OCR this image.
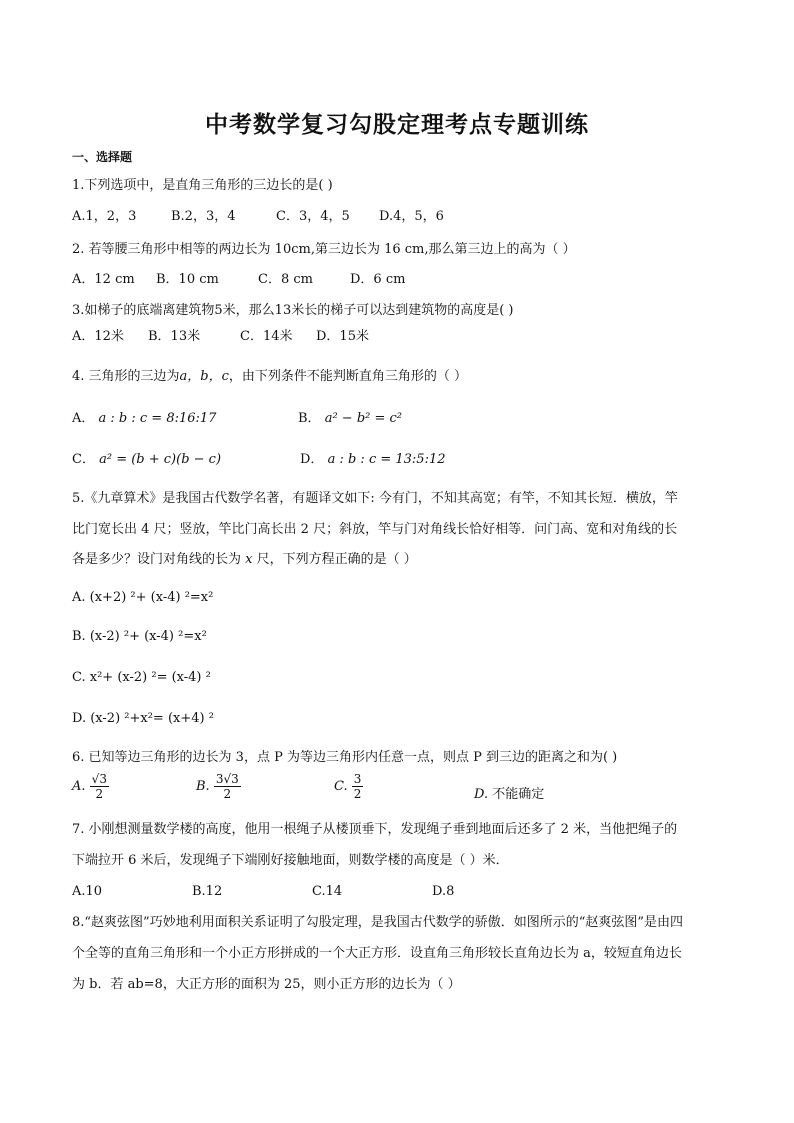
中考数学复习勾股定理考点专题训练
一、选择题
1.下列选项中，是直角三角形的三边长的是( )
A.1，2，3	B.2，3，4	C．3，4，5 D.4，5，6
2. 若等腰三角形中相等的两边长为 10cm,第三边长为 16 cm,那么第三边上的高为（ ）
A．12 cm B．10 cm	C．8 cm	D．6 cm
3.如梯子的底端离建筑物5米，那么13米长的梯子可以达到建筑物的高度是( )
A．12米 B．13米	C．14米 D．15米
4. 三角形的三边为a，b，c，由下列条件不能判断直角三角形的（ ）
A． a : b : c = 8:16:17	B． a² − b² = c²
C． a² = (b + c)(b − c)	D． a : b : c = 13:5:12
5.《九章算术》是我国古代数学名著，有题译文如下: 今有门，不知其高宽；有竿，不知其长短．横放，竿
比门宽长出 4 尺；竖放，竿比门高长出 2 尺；斜放，竿与门对角线长恰好相等．问门高、宽和对角线的长
各是多少？设门对角线的长为 x 尺，下列方程正确的是（ ）
A. (x+2) ²+ (x-4) ²=x²
B. (x-2) ²+ (x-4) ²=x²
C. x²+ (x-2) ²= (x-4) ²
D. (x-2) ²+x²= (x+4) ²
6. 已知等边三角形的边长为 3，点 P 为等边三角形内任意一点，则点 P 到三边的距离之和为( )
A. $\frac{√3}{2}$	B. $\frac{3√3}{2}$	C. $\frac{3}{2}$	D. 不能确定
7. 小刚想测量数学楼的高度，他用一根绳子从楼顶垂下，发现绳子垂到地面后还多了 2 米，当他把绳子的
下端拉开 6 米后，发现绳子下端刚好接触地面，则数学楼的高度是（ ）米．
A.10	B.12	C.14	D.8
8.“赵爽弦图”巧妙地利用面积关系证明了勾股定理，是我国古代数学的骄傲．如图所示的“赵爽弦图”是由四
个全等的直角三角形和一个小正方形拼成的一个大正方形．设直角三角形较长直角边长为 a，较短直角边长
为 b．若 ab=8，大正方形的面积为 25，则小正方形的边长为（ ）
